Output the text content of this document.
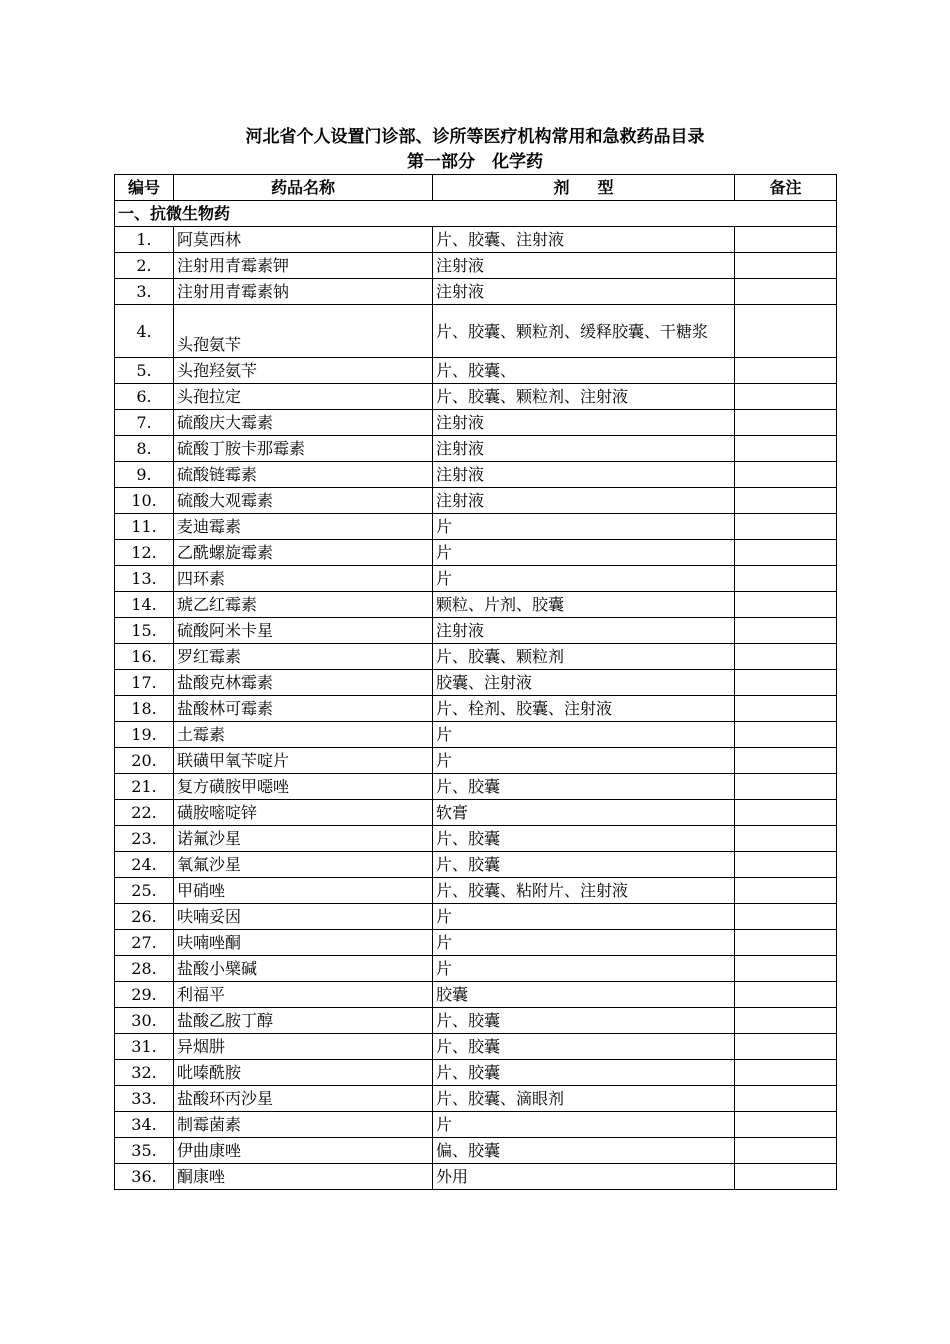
河北省个人设置门诊部、诊所等医疗机构常用和急救药品目录
第一部分　化学药
编号	药品名称	剂型	备注
一、抗微生物药			
1.	阿莫西林	片、胶囊、注射液	
2.	注射用青霉素钾	注射液	
3.	注射用青霉素钠	注射液	
4.	头孢氨苄	片、胶囊、颗粒剂、缓释胶囊、干糖浆	
5.	头孢羟氨苄	片、胶囊、	
6.	头孢拉定	片、胶囊、颗粒剂、注射液	
7.	硫酸庆大霉素	注射液	
8.	硫酸丁胺卡那霉素	注射液	
9.	硫酸链霉素	注射液	
10.	硫酸大观霉素	注射液	
11.	麦迪霉素	片	
12.	乙酰螺旋霉素	片	
13.	四环素	片	
14.	琥乙红霉素	颗粒、片剂、胶囊	
15.	硫酸阿米卡星	注射液	
16.	罗红霉素	片、胶囊、颗粒剂	
17.	盐酸克林霉素	胶囊、注射液	
18.	盐酸林可霉素	片、栓剂、胶囊、注射液	
19.	土霉素	片	
20.	联磺甲氧苄啶片	片	
21.	复方磺胺甲噁唑	片、胶囊	
22.	磺胺嘧啶锌	软膏	
23.	诺氟沙星	片、胶囊	
24.	氧氟沙星	片、胶囊	
25.	甲硝唑	片、胶囊、粘附片、注射液	
26.	呋喃妥因	片	
27.	呋喃唑酮	片	
28.	盐酸小檗碱	片	
29.	利福平	胶囊	
30.	盐酸乙胺丁醇	片、胶囊	
31.	异烟肼	片、胶囊	
32.	吡嗪酰胺	片、胶囊	
33.	盐酸环丙沙星	片、胶囊、滴眼剂	
34.	制霉菌素	片	
35.	伊曲康唑	偏、胶囊	
36.	酮康唑	外用	
